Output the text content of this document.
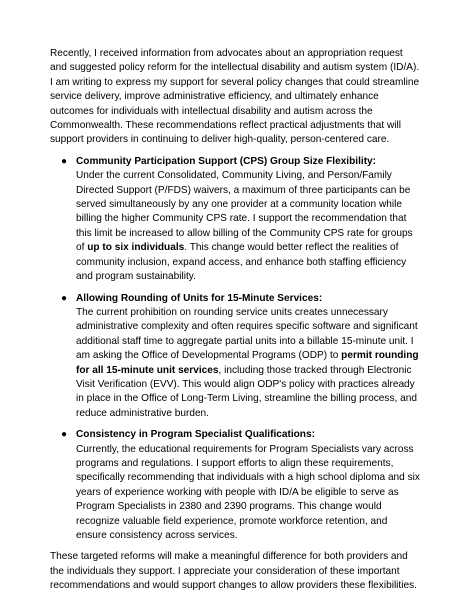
Recently, I received information from advocates about an appropriation request and suggested policy reform for the intellectual disability and autism system (ID/A). I am writing to express my support for several policy changes that could streamline service delivery, improve administrative efficiency, and ultimately enhance outcomes for individuals with intellectual disability and autism across the Commonwealth. These recommendations reflect practical adjustments that will support providers in continuing to deliver high-quality, person-centered care.

● Community Participation Support (CPS) Group Size Flexibility:
Under the current Consolidated, Community Living, and Person/Family Directed Support (P/FDS) waivers, a maximum of three participants can be served simultaneously by any one provider at a community location while billing the higher Community CPS rate. I support the recommendation that this limit be increased to allow billing of the Community CPS rate for groups of up to six individuals. This change would better reflect the realities of community inclusion, expand access, and enhance both staffing efficiency and program sustainability.
● Allowing Rounding of Units for 15-Minute Services:
The current prohibition on rounding service units creates unnecessary administrative complexity and often requires specific software and significant additional staff time to aggregate partial units into a billable 15-minute unit. I am asking the Office of Developmental Programs (ODP) to permit rounding for all 15-minute unit services, including those tracked through Electronic Visit Verification (EVV). This would align ODP's policy with practices already in place in the Office of Long-Term Living, streamline the billing process, and reduce administrative burden.
● Consistency in Program Specialist Qualifications:
Currently, the educational requirements for Program Specialists vary across programs and regulations. I support efforts to align these requirements, specifically recommending that individuals with a high school diploma and six years of experience working with people with ID/A be eligible to serve as Program Specialists in 2380 and 2390 programs. This change would recognize valuable field experience, promote workforce retention, and ensure consistency across services.

These targeted reforms will make a meaningful difference for both providers and the individuals they support. I appreciate your consideration of these important recommendations and would support changes to allow providers these flexibilities.
